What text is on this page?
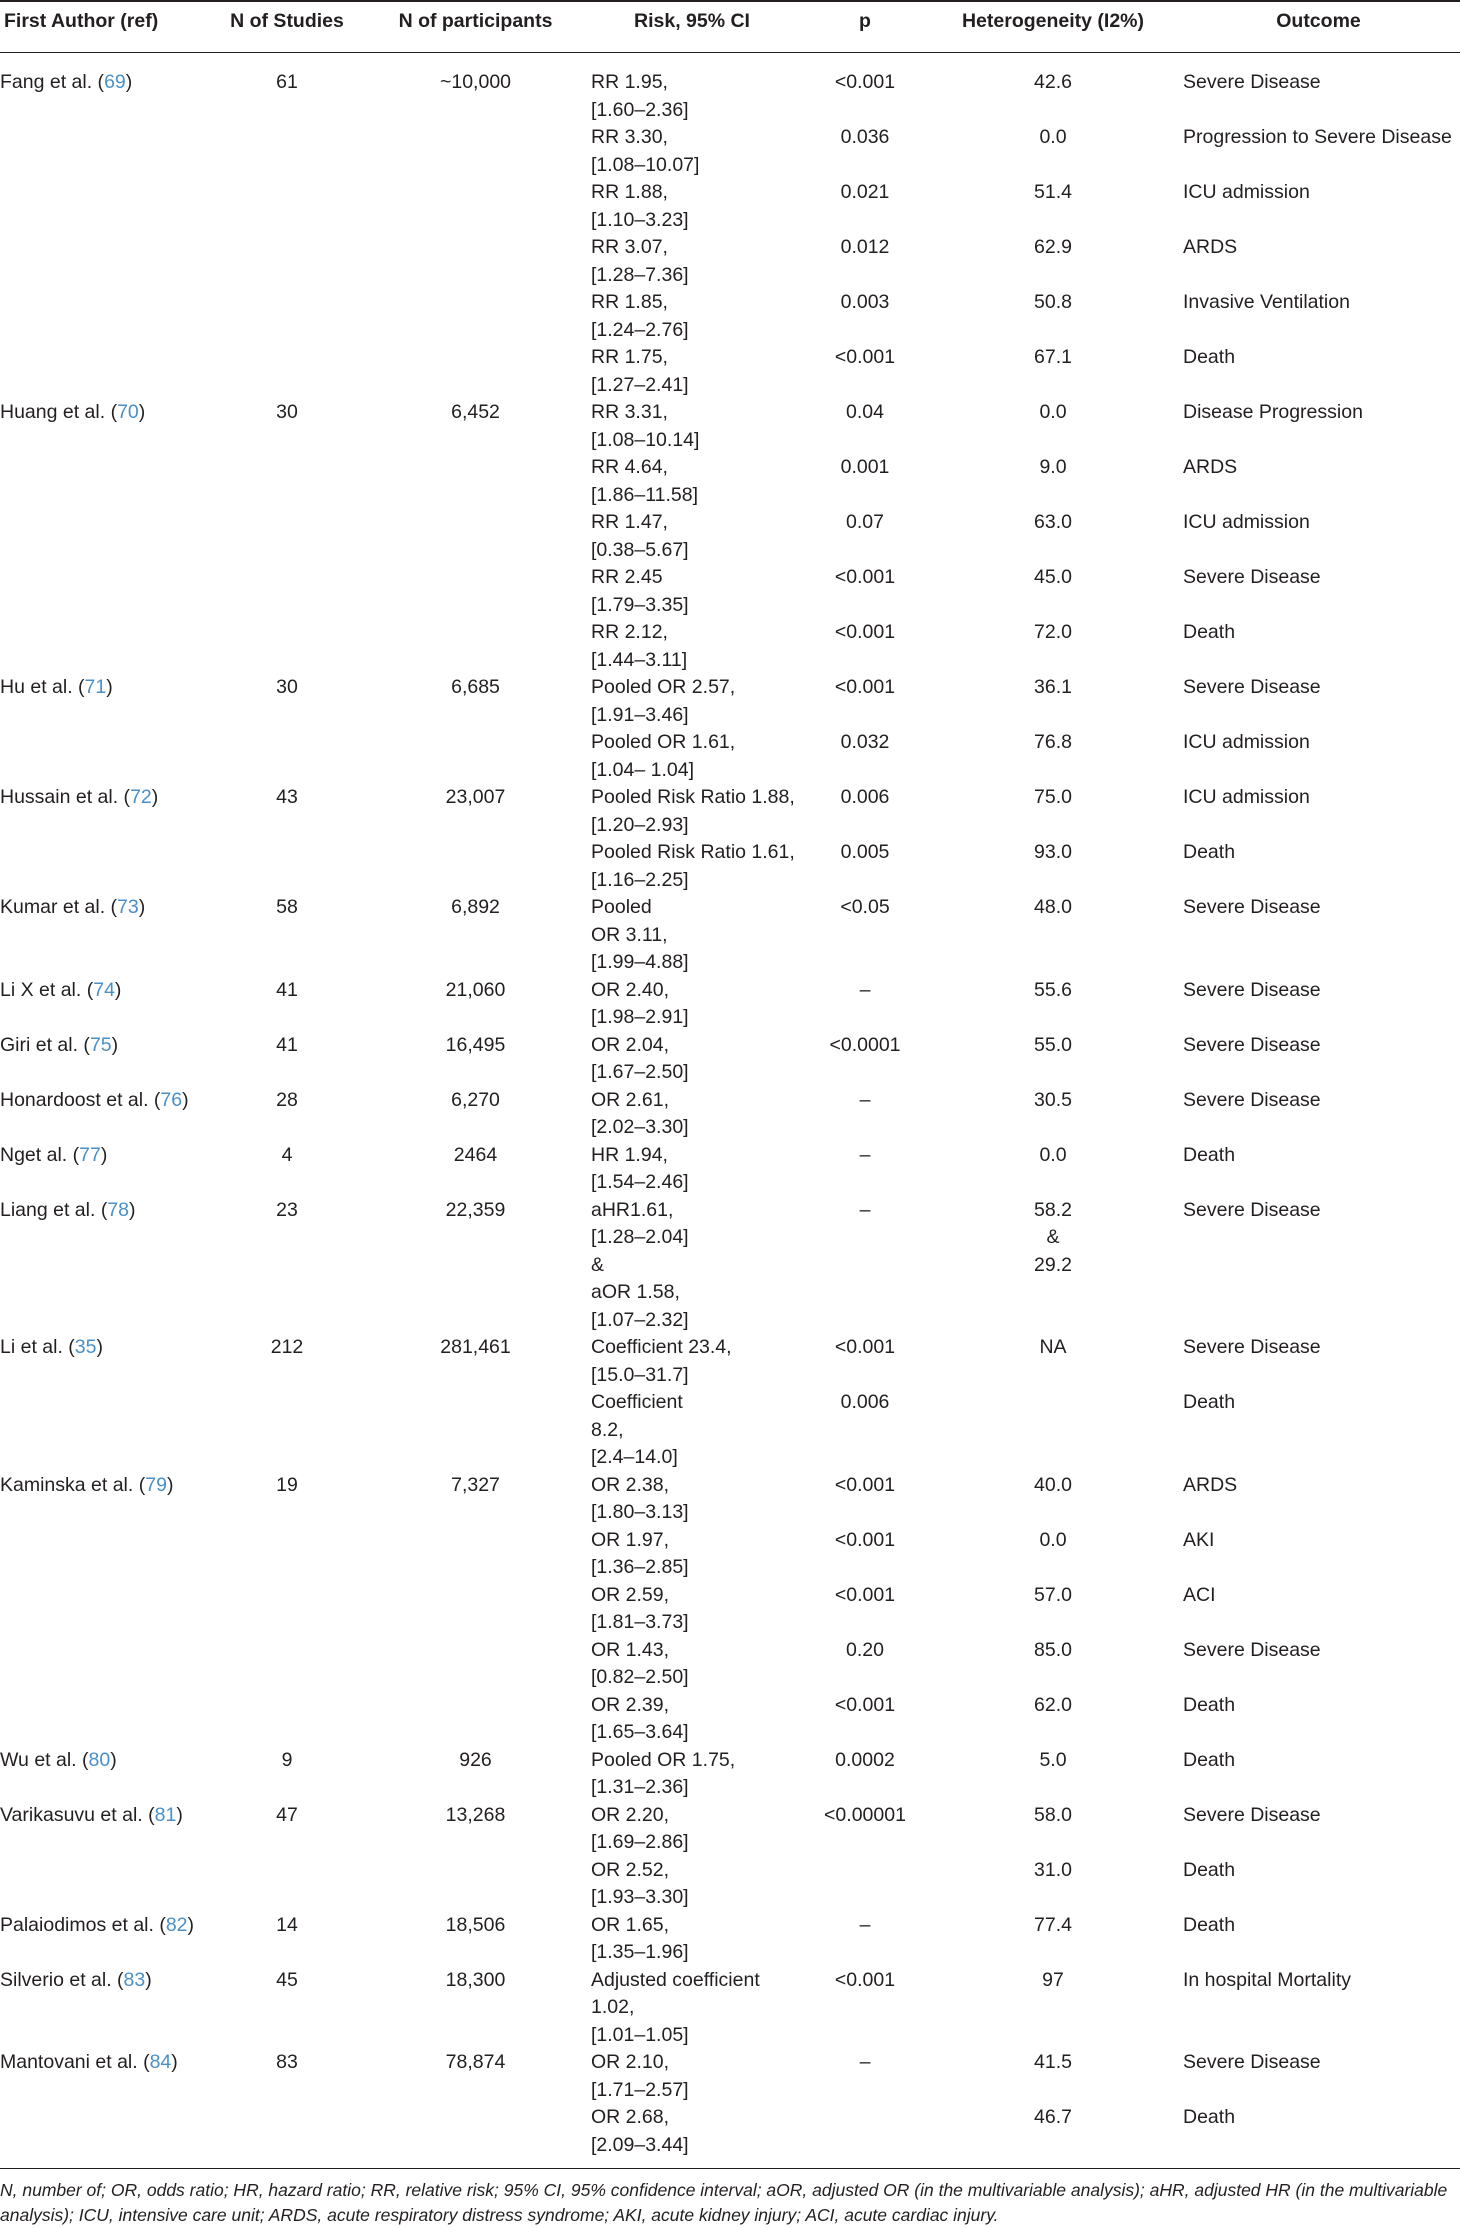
First Author (ref)	N of Studies	N of participants	Risk, 95% CI	p	Heterogeneity (I2%)	Outcome
Fang et al. (69)	61	~10,000	RR 1.95,
[1.60–2.36]	<0.001	42.6	Severe Disease

			RR 3.30,
[1.08–10.07]	0.036	0.0	Progression to Severe Disease

			RR 1.88,
[1.10–3.23]	0.021	51.4	ICU admission

			RR 3.07,
[1.28–7.36]	0.012	62.9	ARDS

			RR 1.85,
[1.24–2.76]	0.003	50.8	Invasive Ventilation

			RR 1.75,
[1.27–2.41]	<0.001	67.1	Death
Huang et al. (70)	30	6,452	RR 3.31,
[1.08–10.14]	0.04	0.0	Disease Progression

			RR 4.64,
[1.86–11.58]	0.001	9.0	ARDS

			RR 1.47,
[0.38–5.67]	0.07	63.0	ICU admission

			RR 2.45
[1.79–3.35]	<0.001	45.0	Severe Disease

			RR 2.12,
[1.44–3.11]	<0.001	72.0	Death
Hu et al. (71)	30	6,685	Pooled OR 2.57,
[1.91–3.46]	<0.001	36.1	Severe Disease

			Pooled OR 1.61,
[1.04– 1.04]	0.032	76.8	ICU admission
Hussain et al. (72)	43	23,007	Pooled Risk Ratio 1.88,
[1.20–2.93]	0.006	75.0	ICU admission

			Pooled Risk Ratio 1.61,
[1.16–2.25]	0.005	93.0	Death
Kumar et al. (73)	58	6,892	Pooled
OR 3.11,
[1.99–4.88]	<0.05	48.0	Severe Disease
Li X et al. (74)	41	21,060	OR 2.40,
[1.98–2.91]	–	55.6	Severe Disease
Giri et al. (75)	41	16,495	OR 2.04,
[1.67–2.50]	<0.0001	55.0	Severe Disease
Honardoost et al. (76)	28	6,270	OR 2.61,
[2.02–3.30]	–	30.5	Severe Disease
Nget al. (77)	4	2464	HR 1.94,
[1.54–2.46]	–	0.0	Death
Liang et al. (78)	23	22,359	aHR1.61,
[1.28–2.04]
&
aOR 1.58,
[1.07–2.32]	–	58.2
&
29.2	Severe Disease
Li et al. (35)	212	281,461	Coefficient 23.4,
[15.0–31.7]	<0.001	NA	Severe Disease

			Coefficient
8.2,
[2.4–14.0]	0.006		Death
Kaminska et al. (79)	19	7,327	OR 2.38,
[1.80–3.13]	<0.001	40.0	ARDS

			OR 1.97,
[1.36–2.85]	<0.001	0.0	AKI

			OR 2.59,
[1.81–3.73]	<0.001	57.0	ACI

			OR 1.43,
[0.82–2.50]	0.20	85.0	Severe Disease

			OR 2.39,
[1.65–3.64]	<0.001	62.0	Death
Wu et al. (80)	9	926	Pooled OR 1.75,
[1.31–2.36]	0.0002	5.0	Death
Varikasuvu et al. (81)	47	13,268	OR 2.20,
[1.69–2.86]	<0.00001	58.0	Severe Disease

			OR 2.52,
[1.93–3.30]		31.0	Death
Palaiodimos et al. (82)	14	18,506	OR 1.65,
[1.35–1.96]	–	77.4	Death
Silverio et al. (83)	45	18,300	Adjusted coefficient 1.02,
[1.01–1.05]	<0.001	97	In hospital Mortality
Mantovani et al. (84)	83	78,874	OR 2.10,
[1.71–2.57]	–	41.5	Severe Disease

			OR 2.68,
[2.09–3.44]		46.7	Death
N, number of; OR, odds ratio; HR, hazard ratio; RR, relative risk; 95% CI, 95% confidence interval; aOR, adjusted OR (in the multivariable analysis); aHR, adjusted HR (in the multivariable analysis); ICU, intensive care unit; ARDS, acute respiratory distress syndrome; AKI, acute kidney injury; ACI, acute cardiac injury.
